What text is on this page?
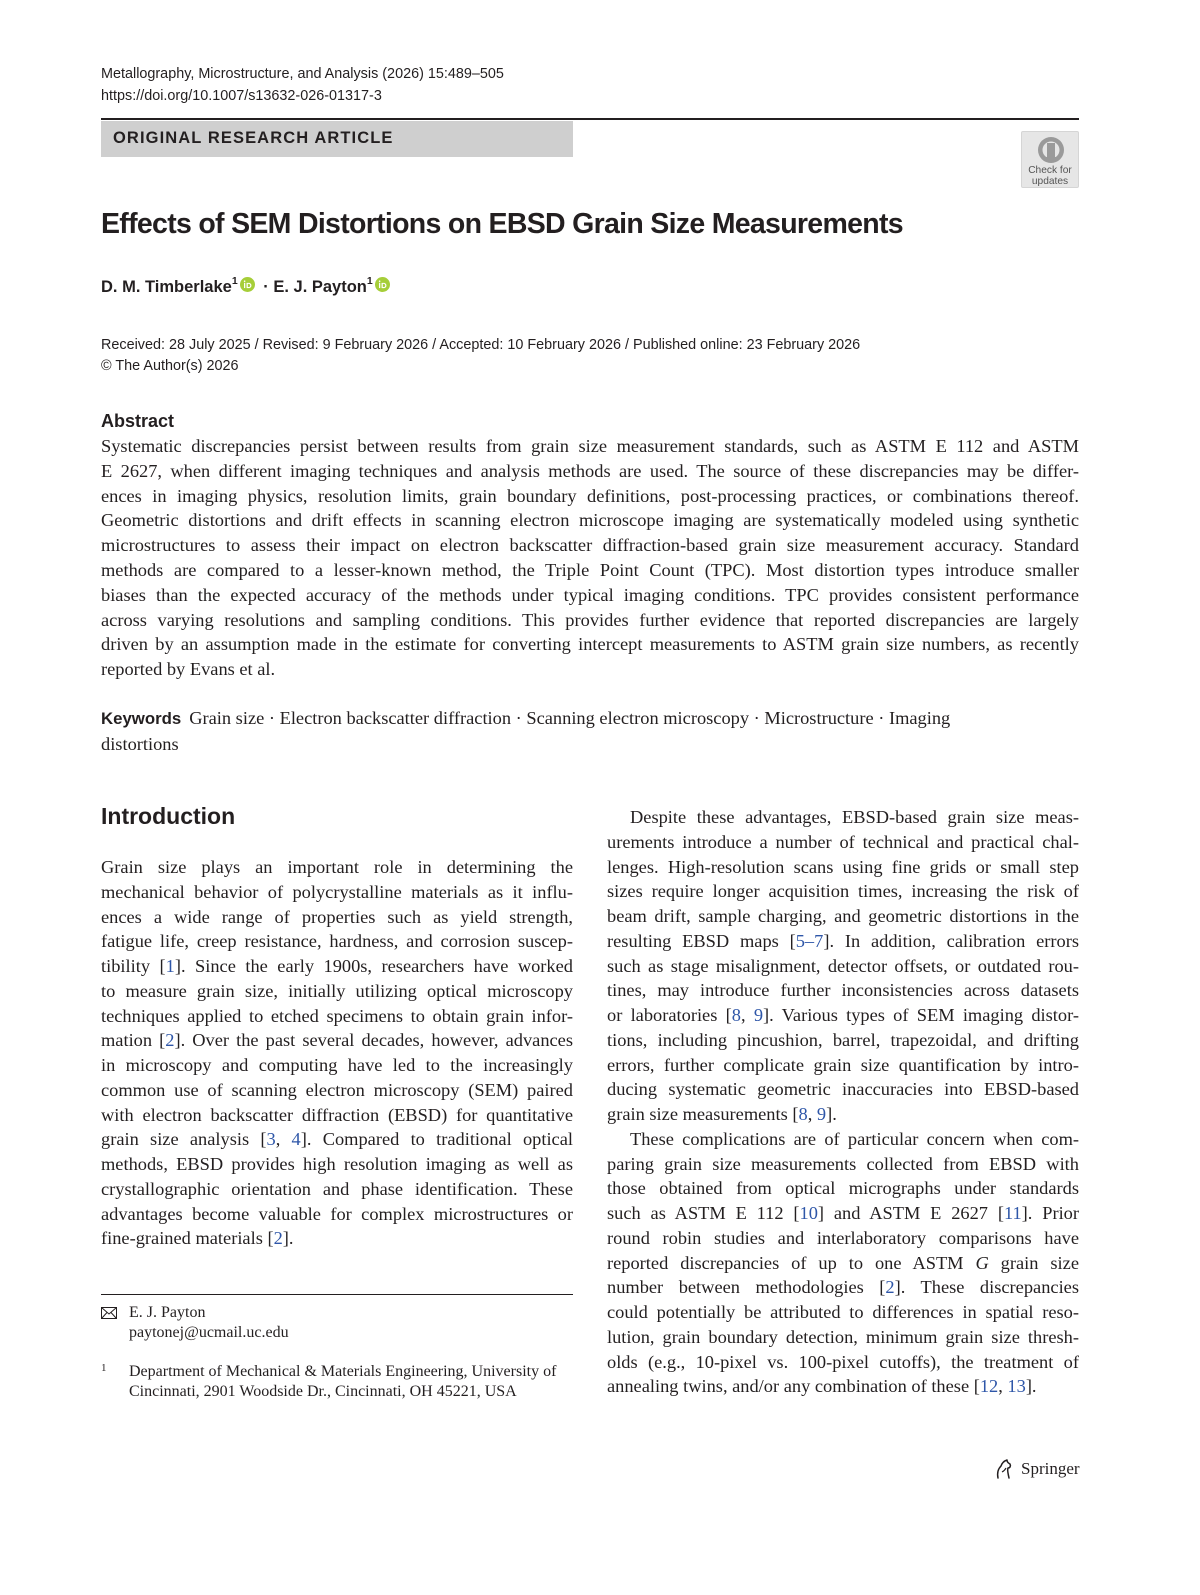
Metallography, Microstructure, and Analysis (2026) 15:489–505
https://doi.org/10.1007/s13632-026-01317-3
ORIGINAL RESEARCH ARTICLE
Check for
updates
Effects of SEM Distortions on EBSD Grain Size Measurements
D. M. Timberlake$^1$ · E. J. Payton$^1$
Received: 28 July 2025 / Revised: 9 February 2026 / Accepted: 10 February 2026 / Published online: 23 February 2026
© The Author(s) 2026
Abstract
Systematic discrepancies persist between results from grain size measurement standards, such as ASTM E 112 and ASTM
E 2627, when different imaging techniques and analysis methods are used. The source of these discrepancies may be differ-
ences in imaging physics, resolution limits, grain boundary definitions, post-processing practices, or combinations thereof.
Geometric distortions and drift effects in scanning electron microscope imaging are systematically modeled using synthetic
microstructures to assess their impact on electron backscatter diffraction-based grain size measurement accuracy. Standard
methods are compared to a lesser-known method, the Triple Point Count (TPC). Most distortion types introduce smaller
biases than the expected accuracy of the methods under typical imaging conditions. TPC provides consistent performance
across varying resolutions and sampling conditions. This provides further evidence that reported discrepancies are largely
driven by an assumption made in the estimate for converting intercept measurements to ASTM grain size numbers, as recently
reported by Evans et al.
Keywords Grain size · Electron backscatter diffraction · Scanning electron microscopy · Microstructure · Imaging
distortions
Introduction
Grain size plays an important role in determining the
mechanical behavior of polycrystalline materials as it influ-
ences a wide range of properties such as yield strength,
fatigue life, creep resistance, hardness, and corrosion suscep-
tibility [1]. Since the early 1900s, researchers have worked
to measure grain size, initially utilizing optical microscopy
techniques applied to etched specimens to obtain grain infor-
mation [2]. Over the past several decades, however, advances
in microscopy and computing have led to the increasingly
common use of scanning electron microscopy (SEM) paired
with electron backscatter diffraction (EBSD) for quantitative
grain size analysis [3, 4]. Compared to traditional optical
methods, EBSD provides high resolution imaging as well as
crystallographic orientation and phase identification. These
advantages become valuable for complex microstructures or
fine-grained materials [2].
Despite these advantages, EBSD-based grain size meas-
urements introduce a number of technical and practical chal-
lenges. High-resolution scans using fine grids or small step
sizes require longer acquisition times, increasing the risk of
beam drift, sample charging, and geometric distortions in the
resulting EBSD maps [5–7]. In addition, calibration errors
such as stage misalignment, detector offsets, or outdated rou-
tines, may introduce further inconsistencies across datasets
or laboratories [8, 9]. Various types of SEM imaging distor-
tions, including pincushion, barrel, trapezoidal, and drifting
errors, further complicate grain size quantification by intro-
ducing systematic geometric inaccuracies into EBSD-based
grain size measurements [8, 9].
These complications are of particular concern when com-
paring grain size measurements collected from EBSD with
those obtained from optical micrographs under standards
such as ASTM E 112 [10] and ASTM E 2627 [11]. Prior
round robin studies and interlaboratory comparisons have
reported discrepancies of up to one ASTM G grain size
number between methodologies [2]. These discrepancies
could potentially be attributed to differences in spatial reso-
lution, grain boundary detection, minimum grain size thresh-
olds (e.g., 10-pixel vs. 100-pixel cutoffs), the treatment of
annealing twins, and/or any combination of these [12, 13].
E. J. Payton
paytonej@ucmail.uc.edu
1 Department of Mechanical & Materials Engineering, University of Cincinnati, 2901 Woodside Dr., Cincinnati, OH 45221, USA
Springer
